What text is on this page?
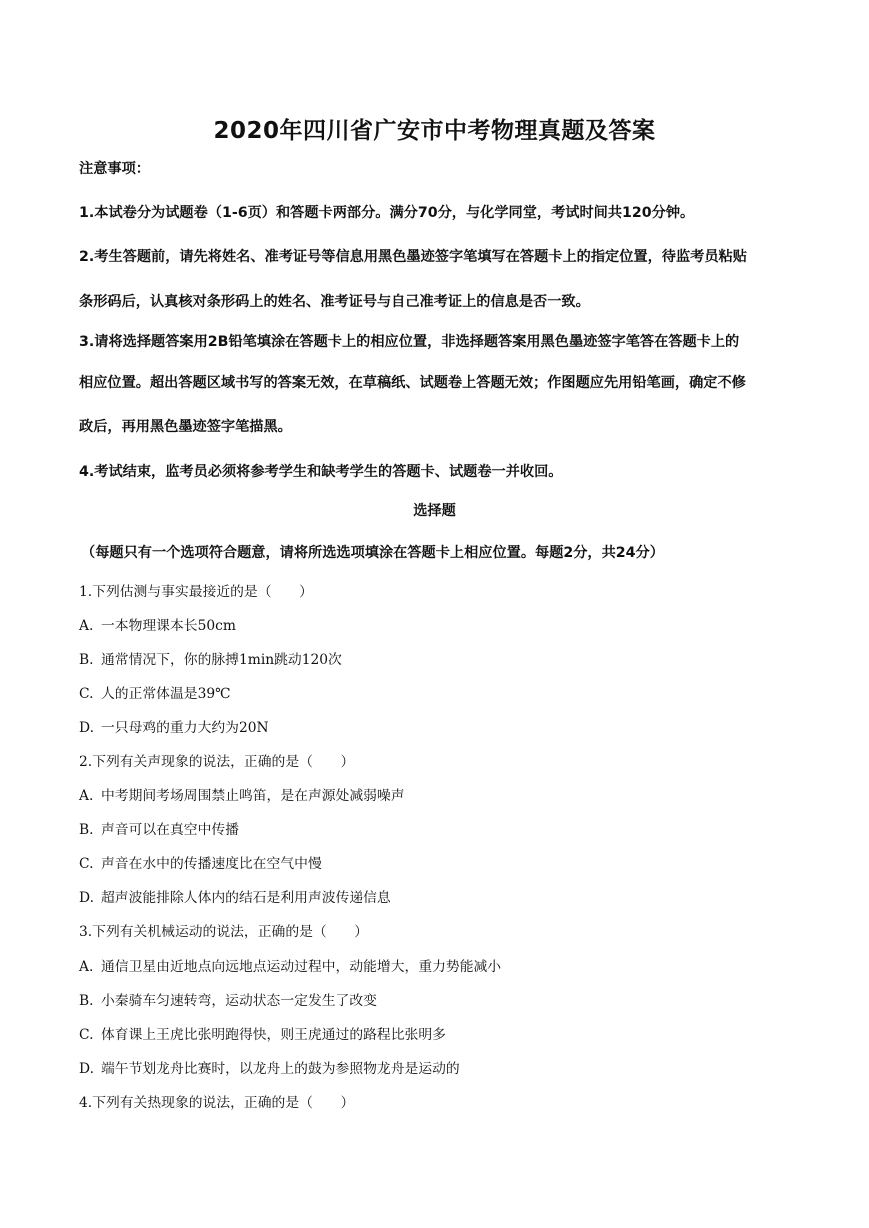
2020年四川省广安市中考物理真题及答案
注意事项：
1.本试卷分为试题卷（1-6页）和答题卡两部分。满分70分，与化学同堂，考试时间共120分钟。
2.考生答题前，请先将姓名、准考证号等信息用黑色墨迹签字笔填写在答题卡上的指定位置，待监考员粘贴
条形码后，认真核对条形码上的姓名、准考证号与自己准考证上的信息是否一致。
3.请将选择题答案用2B铅笔填涂在答题卡上的相应位置，非选择题答案用黑色墨迹签字笔答在答题卡上的
相应位置。超出答题区域书写的答案无效，在草稿纸、试题卷上答题无效；作图题应先用铅笔画，确定不修
政后，再用黑色墨迹签字笔描黑。
4.考试结束，监考员必须将参考学生和缺考学生的答题卡、试题卷一并收回。
选择题
（每题只有一个选项符合题意，请将所选选项填涂在答题卡上相应位置。每题2分，共24分）
1.下列估测与事实最接近的是（　　）
A. 一本物理课本长50cm
B. 通常情况下，你的脉搏1min跳动120次
C. 人的正常体温是39℃
D. 一只母鸡的重力大约为20N
2.下列有关声现象的说法，正确的是（　　）
A. 中考期间考场周围禁止鸣笛，是在声源处减弱噪声
B. 声音可以在真空中传播
C. 声音在水中的传播速度比在空气中慢
D. 超声波能排除人体内的结石是利用声波传递信息
3.下列有关机械运动的说法，正确的是（　　）
A. 通信卫星由近地点向远地点运动过程中，动能增大，重力势能减小
B. 小秦骑车匀速转弯，运动状态一定发生了改变
C. 体育课上王虎比张明跑得快，则王虎通过的路程比张明多
D. 端午节划龙舟比赛时，以龙舟上的鼓为参照物龙舟是运动的
4.下列有关热现象的说法，正确的是（　　）
